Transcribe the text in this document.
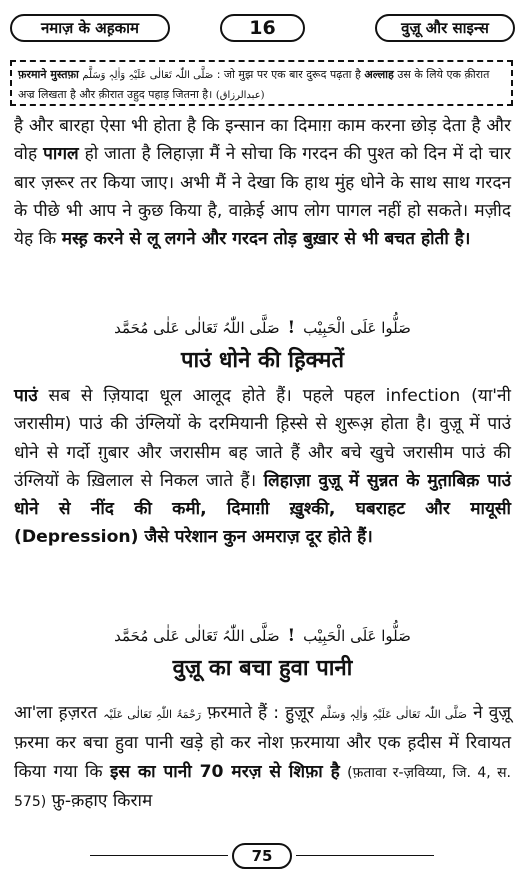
नमाज़ के अह़काम	16	वुज़ू और साइन्स
फ़रमाने मुस्तफ़ा صَلَّی اللّٰہ تَعَالٰی عَلَیْہِ وَاٰلِہٖ وَسَلَّم : जो मुझ पर एक बार दुरूद पढ़ता है अल्लाह उस के लिये एक क़ीरात
अज्र लिखता है और क़ीरात उहुद पहाड़ जितना है। (عبدالرزاق)
है और बारहा ऐसा भी होता है कि इन्सान का दिमाग़ काम करना छोड़ देता है और वोह पागल हो जाता है लिहाज़ा मैं ने सोचा कि गरदन की पुश्त को दिन में दो चार बार ज़रूर तर किया जाए। अभी मैं ने देखा कि हाथ मुंह धोने के साथ साथ गरदन के पीछे भी आप ने कुछ किया है, वाक़ेई आप लोग पागल नहीं हो सकते। मज़ीद येह कि मस्ह़ करने से लू लगने और गरदन तोड़ बुख़ार से भी बचत होती है।
صَلُّوا عَلَی الْحَبِیْب!صَلَّی اللّٰہُ تَعَالٰی عَلٰی مُحَمَّد
पाउं धोने की ह़िक्मतें
पाउं सब से ज़ियादा धूल आलूद होते हैं। पहले पहल infection (या'नी जरासीम) पाउं की उंग्लियों के दरमियानी ह़िस्से से शुरूअ़ होता है। वुज़ू में पाउं धोने से गर्दो ग़ुबार और जरासीम बह जाते हैं और बचे खुचे जरासीम पाउं की उंग्लियों के ख़िलाल से निकल जाते हैं। लिहाज़ा वुज़ू में सुन्नत के मुत़ाबिक़ पाउं धोने से नींद की कमी, दिमाग़ी ख़ुश्की, घबराहट और मायूसी (Depression) जैसे परेशान कुन अमराज़ दूर होते हैं।
صَلُّوا عَلَی الْحَبِیْب!صَلَّی اللّٰہُ تَعَالٰی عَلٰی مُحَمَّد
वुज़ू का बचा हुवा पानी
आ'ला ह़ज़रत رَحْمَۃُ اللّٰہِ تَعَالٰی عَلَیْہ फ़रमाते हैं : हु़ज़ूर صَلَّی اللّٰہ تَعَالٰی عَلَیْہِ وَاٰلِہٖ وَسَلَّم ने वुज़ू फ़रमा कर बचा हुवा पानी खड़े हो कर नोश फ़रमाया और एक ह़दीस में रिवायत किया गया कि इस का पानी 70 मरज़ से शिफ़ा है (फ़तावा र-ज़विय्या, जि. 4, स. 575) फ़ु-क़हाए किराम
75
